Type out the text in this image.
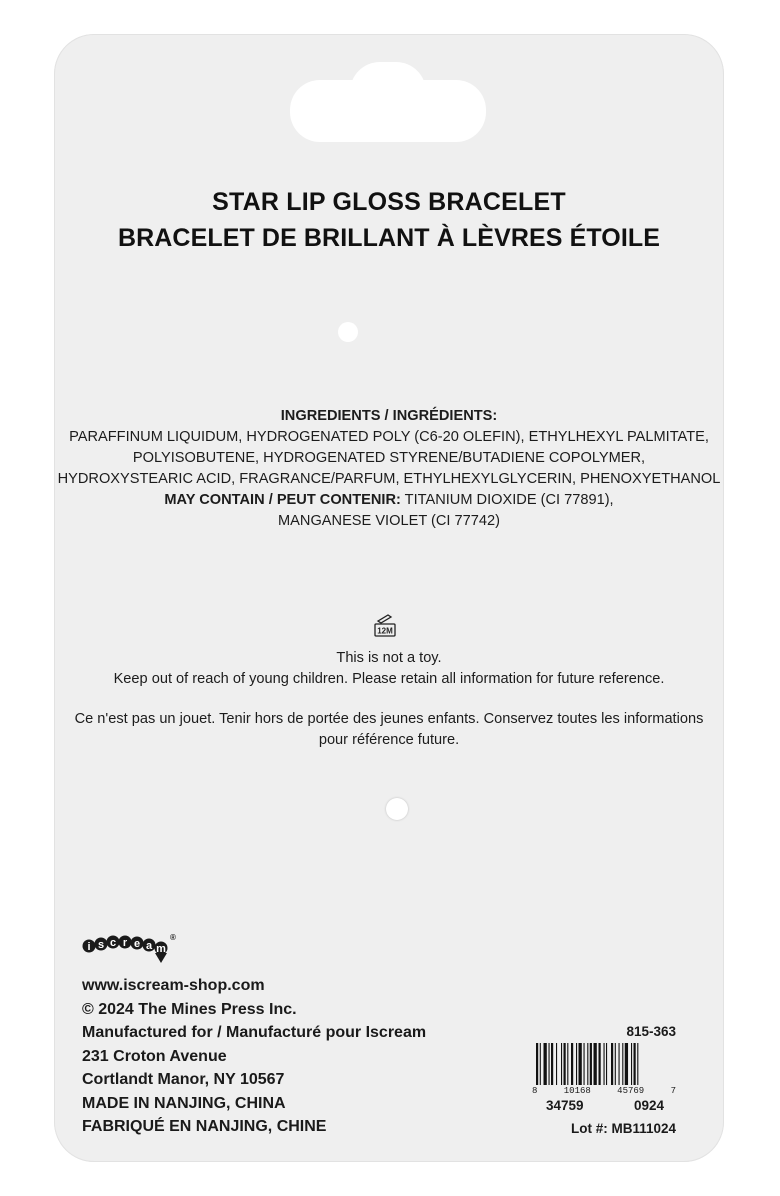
STAR LIP GLOSS BRACELET
BRACELET DE BRILLANT À LÈVRES ÉTOILE
INGREDIENTS / INGRÉDIENTS:
PARAFFINUM LIQUIDUM, HYDROGENATED POLY (C6-20 OLEFIN), ETHYLHEXYL PALMITATE,
POLYISOBUTENE, HYDROGENATED STYRENE/BUTADIENE COPOLYMER,
HYDROXYSTEARIC ACID, FRAGRANCE/PARFUM, ETHYLHEXYLGLYCERIN, PHENOXYETHANOL
MAY CONTAIN / PEUT CONTENIR: TITANIUM DIOXIDE (CI 77891),
MANGANESE VIOLET (CI 77742)
12M

This is not a toy.

Keep out of reach of young children. Please retain all information for future reference.

Ce n'est pas un jouet. Tenir hors de portée des jeunes enfants. Conservez toutes les informations

pour référence future.

i s c r e a m
®
www.iscream-shop.com
© 2024 The Mines Press Inc.
Manufactured for / Manufacturé pour Iscream
231 Croton Avenue
Cortlandt Manor, NY 10567
MADE IN NANJING, CHINA
FABRIQUÉ EN NANJING, CHINE
815-363
8	10168	45769	7
34759	0924
Lot #: MB111024
